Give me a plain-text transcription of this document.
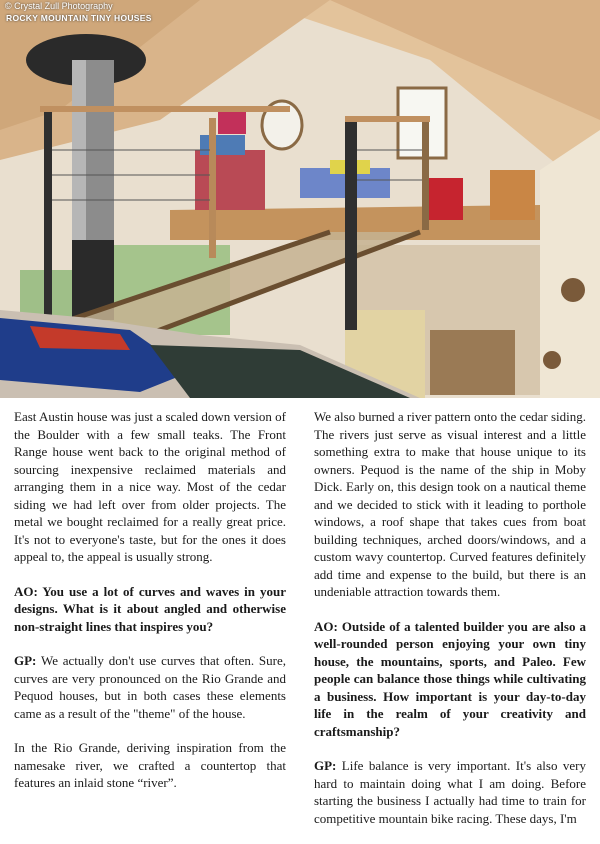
© Crystal Zull Photography
ROCKY MOUNTAIN TINY HOUSES

East Austin house was just a scaled down version of the Boulder with a few small teaks. The Front Range house went back to the original method of sourcing inexpensive reclaimed materials and arranging them in a nice way. Most of the cedar siding we had left over from older projects. The metal we bought reclaimed for a really great price. It's not to everyone's taste, but for the ones it does appeal to, the appeal is usually strong.

AO: You use a lot of curves and waves in your designs. What is it about angled and otherwise non-straight lines that inspires you?

GP: We actually don't use curves that often. Sure, curves are very pronounced on the Rio Grande and Pequod houses, but in both cases these elements came as a result of the "theme" of the house.

In the Rio Grande, deriving inspiration from the namesake river, we crafted a countertop that features an inlaid stone “river”.

We also burned a river pattern onto the cedar siding. The rivers just serve as visual interest and a little something extra to make that house unique to its owners. Pequod is the name of the ship in Moby Dick. Early on, this design took on a nautical theme and we decided to stick with it leading to porthole windows, a roof shape that takes cues from boat building techniques, arched doors/windows, and a custom wavy countertop. Curved features definitely add time and expense to the build, but there is an undeniable attraction towards them.

AO: Outside of a talented builder you are also a well-rounded person enjoying your own tiny house, the mountains, sports, and Paleo. Few people can balance those things while cultivating a business. How important is your day-to-day life in the realm of your creativity and craftsmanship?

GP: Life balance is very important. It's also very hard to maintain doing what I am doing. Before starting the business I actually had time to train for competitive mountain bike racing. These days, I'm
